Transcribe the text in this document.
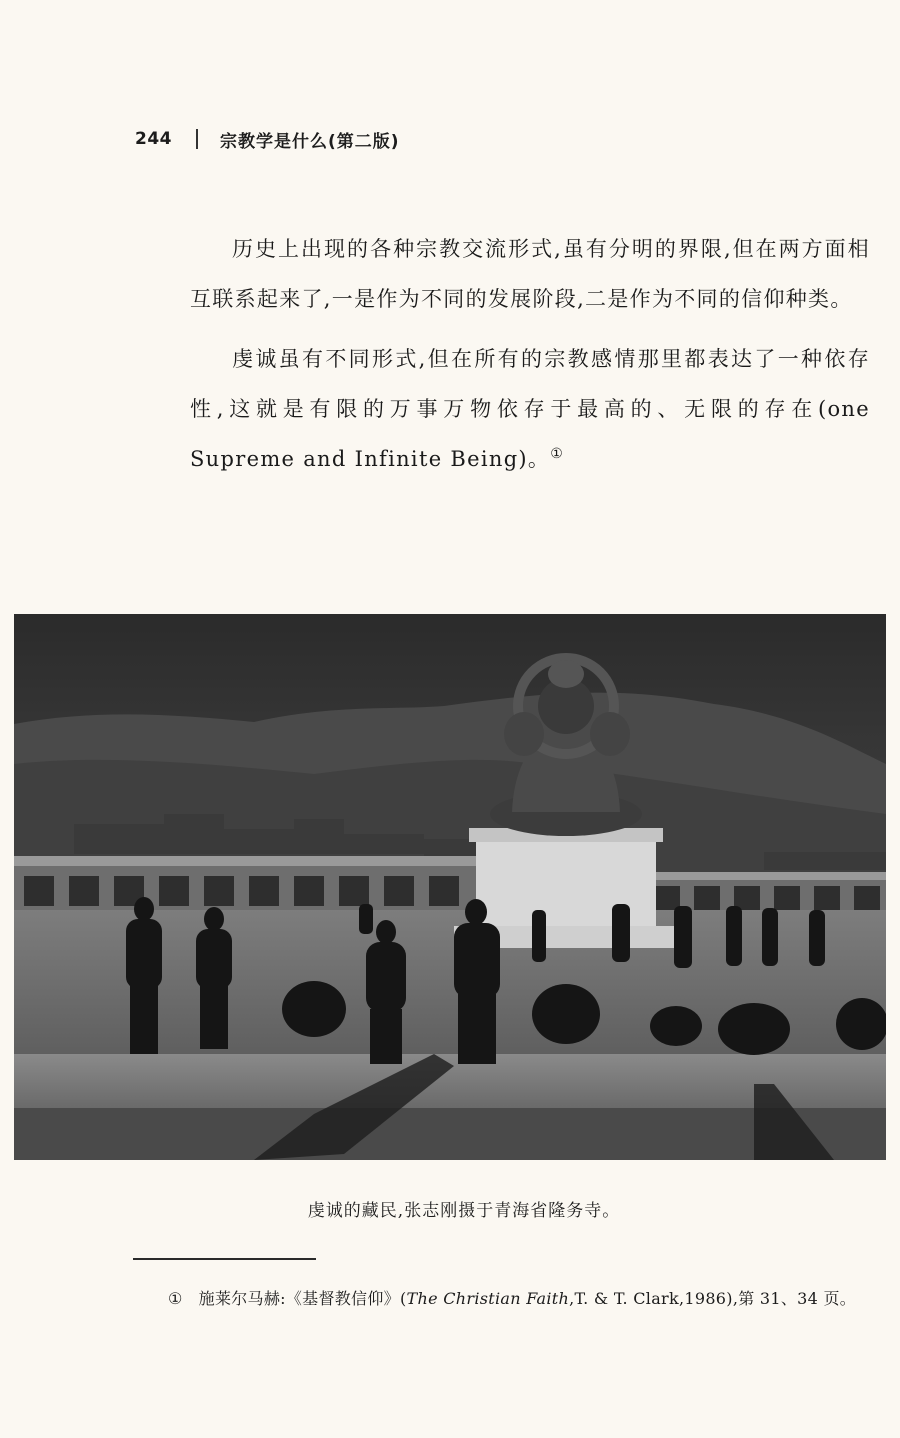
244	宗教学是什么(第二版)

历史上出现的各种宗教交流形式,虽有分明的界限,但在两方面相互联系起来了,一是作为不同的发展阶段,二是作为不同的信仰种类。

虔诚虽有不同形式,但在所有的宗教感情那里都表达了一种依存性,这就是有限的万事万物依存于最高的、无限的存在(one Supreme and Infinite Being)。①

虔诚的藏民,张志刚摄于青海省隆务寺。
① 施莱尔马赫:《基督教信仰》(The Christian Faith,T. & T. Clark,1986),第 31、34 页。
